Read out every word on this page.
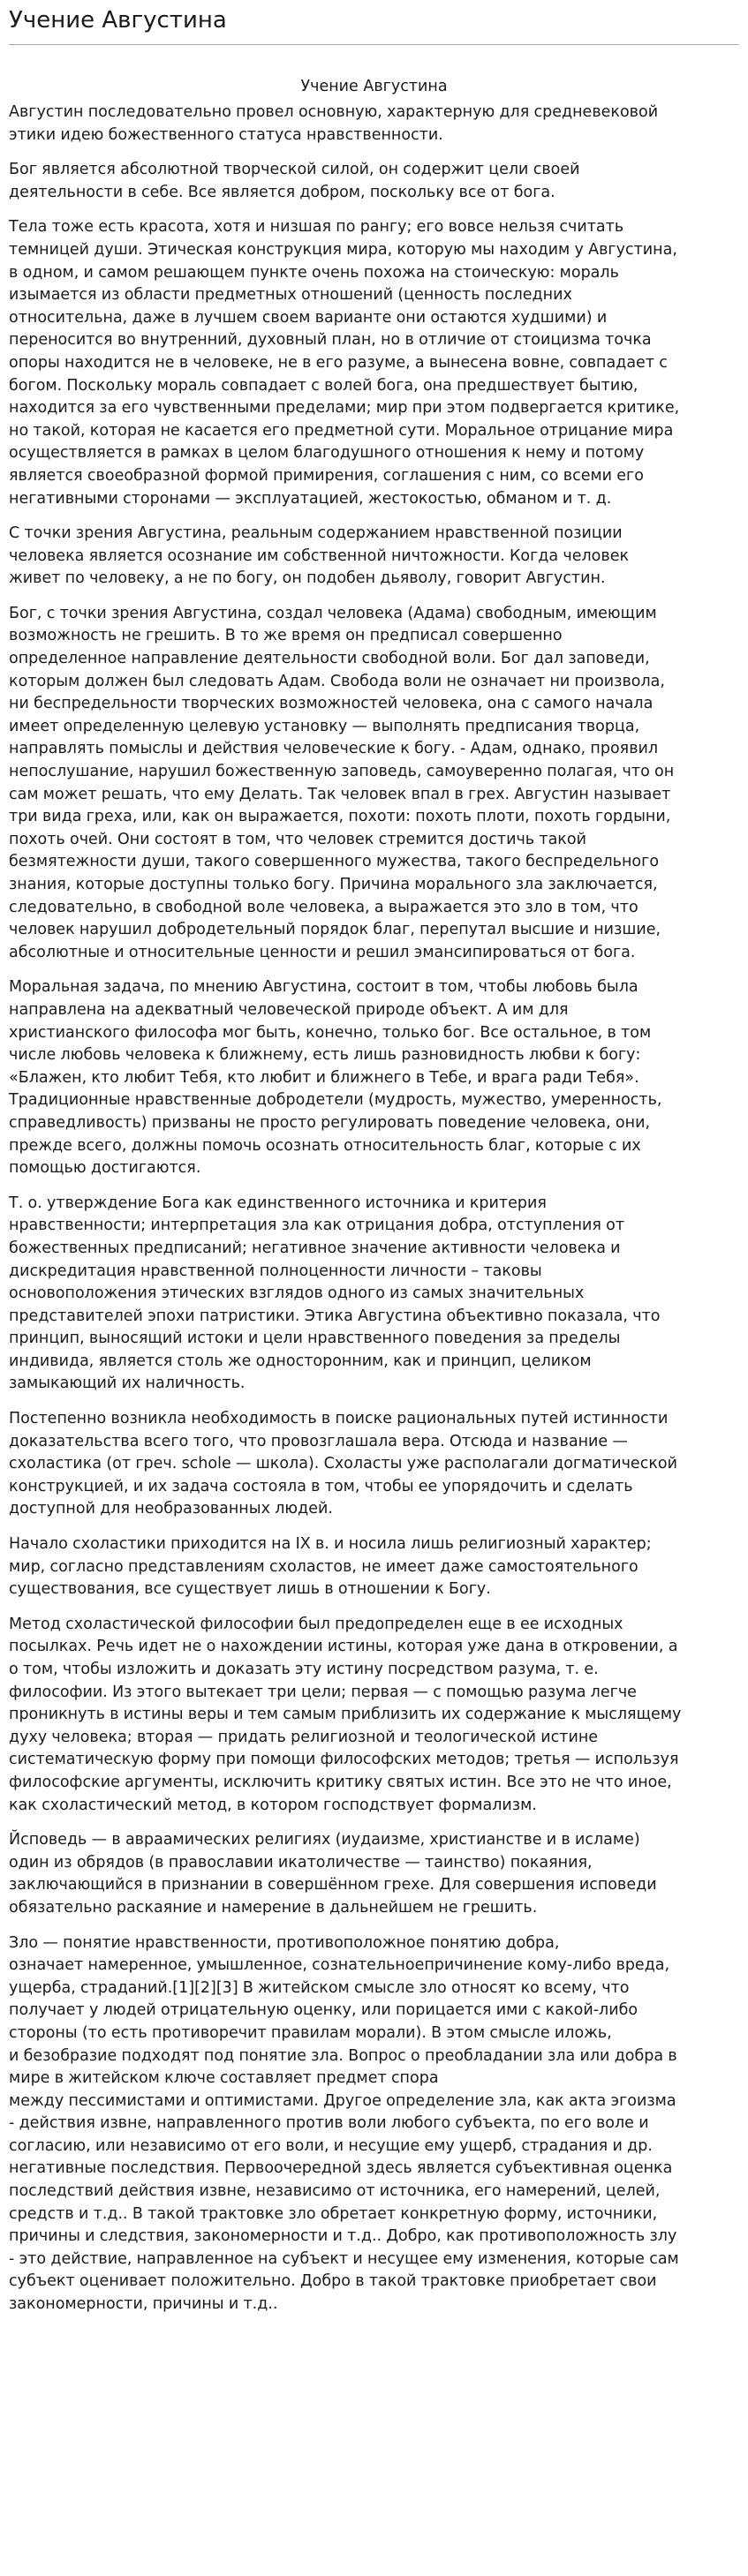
Учение Августина
Учение Августина

Августин последовательно провел основную, характерную для средневековой
этики идею божественного статуса нравственности.

Бог является абсолютной творческой силой, он содержит цели своей
деятельности в себе. Все является добром, поскольку все от бога.

Тела тоже есть красота, хотя и низшая по рангу; его вовсе нельзя считать
темницей души. Этическая конструкция мира, которую мы находим у Августина,
в одном, и самом решающем пункте очень похожа на стоическую: мораль
изымается из области предметных отношений (ценность последних
относительна, даже в лучшем своем варианте они остаются худшими) и
переносится во внутренний, духовный план, но в отличие от стоицизма точка
опоры находится не в человеке, не в его разуме, а вынесена вовне, совпадает с
богом. Поскольку мораль совпадает с волей бога, она предшествует бытию,
находится за его чувственными пределами; мир при этом подвергается критике,
но такой, которая не касается его предметной сути. Моральное отрицание мира
осуществляется в рамках в целом благодушного отношения к нему и потому
является своеобразной формой примирения, соглашения с ним, со всеми его
негативными сторонами — эксплуатацией, жестокостью, обманом и т. д.

С точки зрения Августина, реальным содержанием нравственной позиции
человека является осознание им собственной ничтожности. Когда человек
живет по человеку, а не по богу, он подобен дьяволу, говорит Августин.

Бог, с точки зрения Августина, создал человека (Адама) свободным, имеющим
возможность не грешить. В то же время он предписал совершенно
определенное направление деятельности свободной воли. Бог дал заповеди,
которым должен был следовать Адам. Свобода воли не означает ни произвола,
ни беспредельности творческих возможностей человека, она с самого начала
имеет определенную целевую установку — выполнять предписания творца,
направлять помыслы и действия человеческие к богу. - Адам, однако, проявил
непослушание, нарушил божественную заповедь, самоуверенно полагая, что он
сам может решать, что ему Делать. Так человек впал в грех. Августин называет
три вида греха, или, как он выражается, похоти: похоть плоти, похоть гордыни,
похоть очей. Они состоят в том, что человек стремится достичь такой
безмятежности души, такого совершенного мужества, такого беспредельного
знания, которые доступны только богу. Причина морального зла заключается,
следовательно, в свободной воле человека, а выражается это зло в том, что
человек нарушил добродетельный порядок благ, перепутал высшие и низшие,
абсолютные и относительные ценности и решил эмансипироваться от бога.

Моральная задача, по мнению Августина, состоит в том, чтобы любовь была
направлена на адекватный человеческой природе объект. А им для
христианского философа мог быть, конечно, только бог. Все остальное, в том
числе любовь человека к ближнему, есть лишь разновидность любви к богу:
«Блажен, кто любит Тебя, кто любит и ближнего в Тебе, и врага ради Тебя».
Традиционные нравственные добродетели (мудрость, мужество, умеренность,
справедливость) призваны не просто регулировать поведение человека, они,
прежде всего, должны помочь осознать относительность благ, которые с их
помощью достигаются.

Т. о. утверждение Бога как единственного источника и критерия
нравственности; интерпретация зла как отрицания добра, отступления от
божественных предписаний; негативное значение активности человека и
дискредитация нравственной полноценности личности – таковы
основоположения этических взглядов одного из самых значительных
представителей эпохи патристики. Этика Августина объективно показала, что
принцип, выносящий истоки и цели нравственного поведения за пределы
индивида, является столь же односторонним, как и принцип, целиком
замыкающий их наличность.

Постепенно возникла необходимость в поиске рациональных путей истинности
доказательства всего того, что провозглашала вера. Отсюда и название —
схоластика (от греч. schole — школа). Схоласты уже располагали догматической
конструкцией, и их задача состояла в том, чтобы ее упорядочить и сделать
доступной для необразованных людей.

Начало схоластики приходится на IX в. и носила лишь религиозный характер;
мир, согласно представлениям схоластов, не имеет даже самостоятельного
существования, все существует лишь в отношении к Богу.

Метод схоластической философии был предопределен еще в ее исходных
посылках. Речь идет не о нахождении истины, которая уже дана в откровении, а
о том, чтобы изложить и доказать эту истину посредством разума, т. е.
философии. Из этого вытекает три цели; первая — с помощью разума легче
проникнуть в истины веры и тем самым приблизить их содержание к мыслящему
духу человека; вторая — придать религиозной и теологической истине
систематическую форму при помощи философских методов; третья — используя
философские аргументы, исключить критику святых истин. Все это не что иное,
как схоластический метод, в котором господствует формализм.

Йсповедь — в авраамических религиях (иудаизме, христианстве и в исламе)
один из обрядов (в православии икатоличестве — таинство) покаяния,
заключающийся в признании в совершённом грехе. Для совершения исповеди
обязательно раскаяние и намерение в дальнейшем не грешить.

Зло — понятие нравственности, противоположное понятию добра,
означает намеренное, умышленное, сознательноепричинение кому-либо вреда,
ущерба, страданий.[1][2][3] В житейском смысле зло относят ко всему, что
получает у людей отрицательную оценку, или порицается ими с какой-либо
стороны (то есть противоречит правилам морали). В этом смысле иложь,
и безобразие подходят под понятие зла. Вопрос о преобладании зла или добра в
мире в житейском ключе составляет предмет спора
между пессимистами и оптимистами. Другое определение зла, как акта эгоизма
- действия извне, направленного против воли любого субъекта, по его воле и
согласию, или независимо от его воли, и несущие ему ущерб, страдания и др.
негативные последствия. Первоочередной здесь является субъективная оценка
последствий действия извне, независимо от источника, его намерений, целей,
средств и т.д.. В такой трактовке зло обретает конкретную форму, источники,
причины и следствия, закономерности и т.д.. Добро, как противоположность злу
- это действие, направленное на субъект и несущее ему изменения, которые сам
субъект оценивает положительно. Добро в такой трактовке приобретает свои
закономерности, причины и т.д..
